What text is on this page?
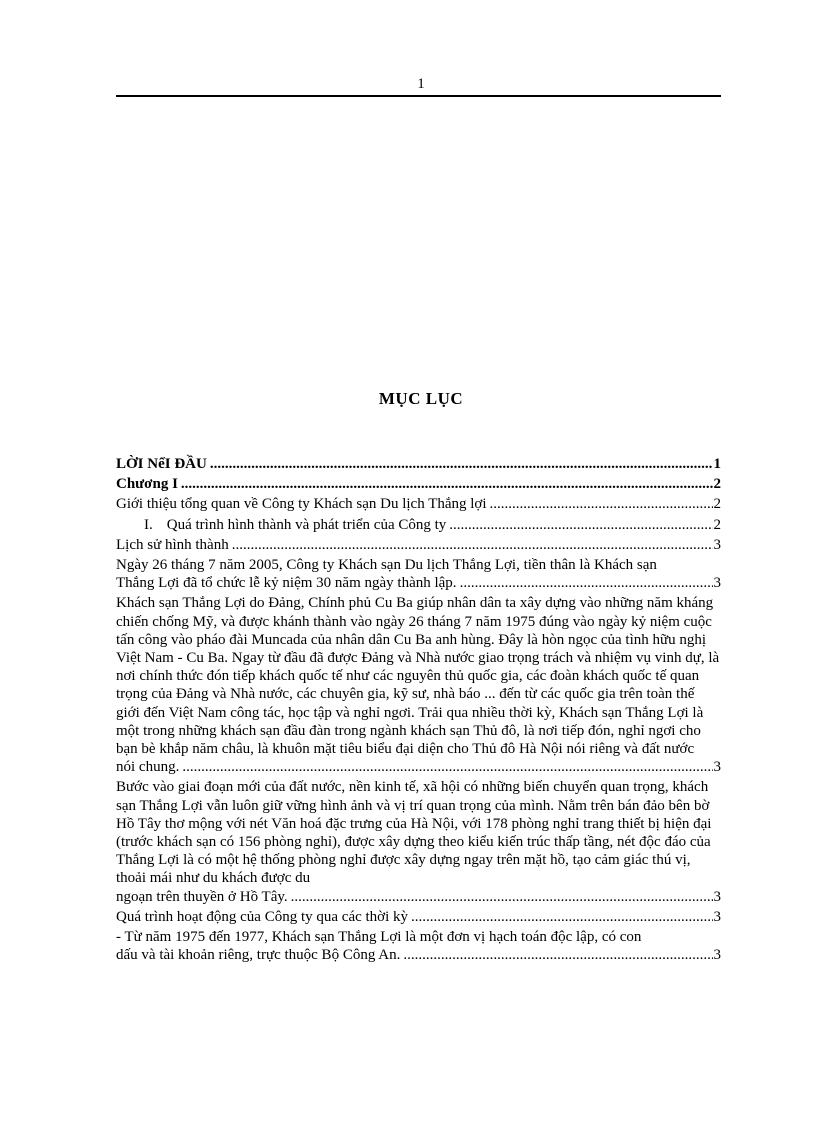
1
MỤC LỤC
LỜI NểI ĐẦU .....	1
Chương I .....	2
Giới thiệu tổng quan về Công ty Khách sạn Du lịch Thắng lợi .....	2
I. Quá trình hình thành và phát triển của Công ty .....	2
Lịch sử hình thành .....	3
Ngày 26 tháng 7 năm 2005, Công ty Khách sạn Du lịch Thắng Lợi, tiền thân là Khách sạn
Thắng Lợi đã tổ chức lễ kỷ niệm 30 năm ngày thành lập. .....	3
Khách sạn Thắng Lợi do Đảng, Chính phủ Cu Ba giúp nhân dân ta xây dựng vào những năm kháng chiến chống Mỹ, và được khánh thành vào ngày 26 tháng 7 năm 1975 đúng vào ngày kỷ niệm cuộc tấn công vào pháo đài Muncada của nhân dân Cu Ba anh hùng. Đây là hòn ngọc của tình hữu nghị Việt Nam - Cu Ba. Ngay từ đầu đã được Đảng và Nhà nước giao trọng trách và nhiệm vụ vinh dự, là nơi chính thức đón tiếp khách quốc tế như các nguyên thủ quốc gia, các đoàn khách quốc tế quan trọng của Đảng và Nhà nước, các chuyên gia, kỹ sư, nhà báo ... đến từ các quốc gia trên toàn thế giới đến Việt Nam công tác, học tập và nghỉ ngơi. Trải qua nhiều thời kỳ, Khách sạn Thắng Lợi là một trong những khách sạn đầu đàn trong ngành khách sạn Thủ đô, là nơi tiếp đón, nghỉ ngơi cho bạn bè khắp năm châu, là khuôn mặt tiêu biểu đại diện cho Thủ đô Hà Nội nói riêng và đất nước
nói chung. .....	3
Bước vào giai đoạn mới của đất nước, nền kinh tế, xã hội có những biến chuyển quan trọng, khách sạn Thắng Lợi vẫn luôn giữ vững hình ảnh và vị trí quan trọng của mình. Nằm trên bán đảo bên bờ Hồ Tây thơ mộng với nét Văn hoá đặc trưng của Hà Nội, với 178 phòng nghỉ trang thiết bị hiện đại (trước khách sạn có 156 phòng nghỉ), được xây dựng theo kiểu kiến trúc thấp tầng, nét độc đáo của Thắng Lợi là có một hệ thống phòng nghỉ được xây dựng ngay trên mặt hồ, tạo cảm giác thú vị, thoải mái như du khách được du
ngoạn trên thuyền ở Hồ Tây. .....	3
Quá trình hoạt động của Công ty qua các thời kỳ .....	3
- Từ năm 1975 đến 1977, Khách sạn Thắng Lợi là một đơn vị hạch toán độc lập, có con
dấu và tài khoản riêng, trực thuộc Bộ Công An. .....	3
